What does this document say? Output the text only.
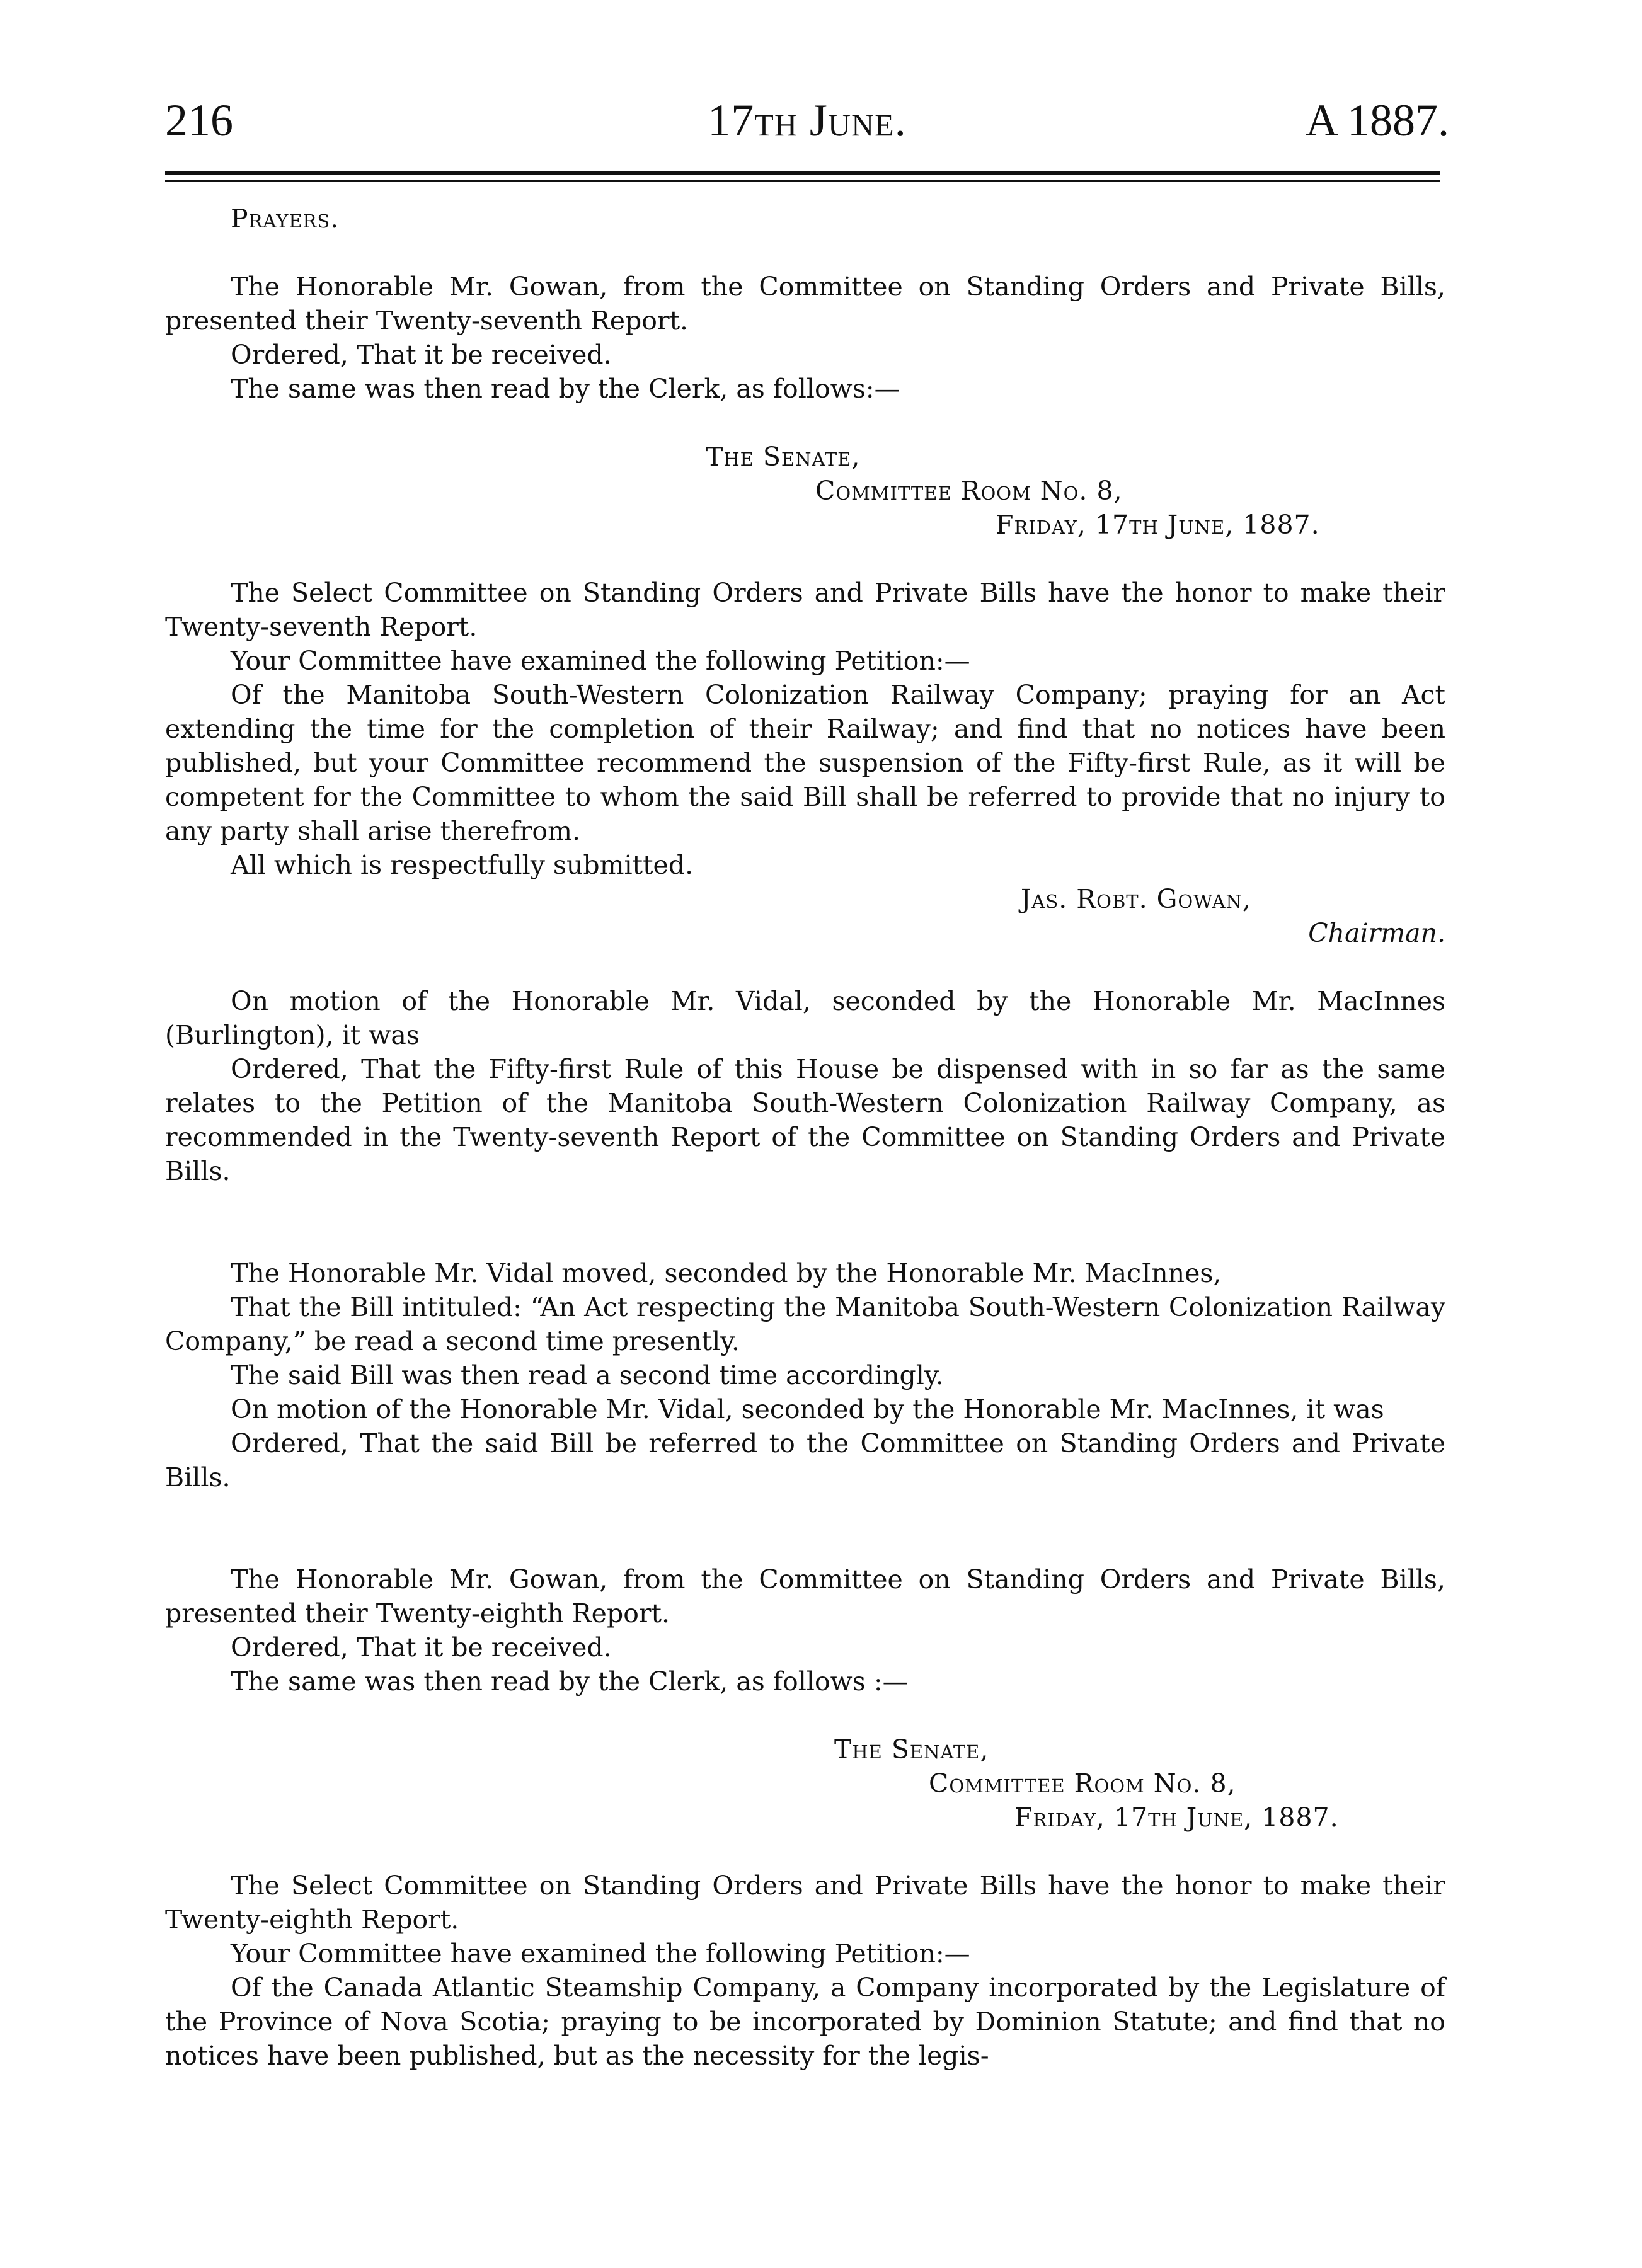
216	17th June.	A 1887.

Prayers.

The Honorable Mr. Gowan, from the Committee on Standing Orders and Private Bills, presented their Twenty-seventh Report.

Ordered, That it be received.

The same was then read by the Clerk, as follows:—

The Senate,
Committee Room No. 8,
Friday, 17th June, 1887.

The Select Committee on Standing Orders and Private Bills have the honor to make their Twenty-seventh Report.

Your Committee have examined the following Petition:—

Of the Manitoba South-Western Colonization Railway Company; praying for an Act extending the time for the completion of their Railway; and find that no notices have been published, but your Committee recommend the suspension of the Fifty-first Rule, as it will be competent for the Committee to whom the said Bill shall be referred to provide that no injury to any party shall arise therefrom.

All which is respectfully submitted.

Jas. Robt. Gowan,
Chairman.

On motion of the Honorable Mr. Vidal, seconded by the Honorable Mr. MacInnes (Burlington), it was

Ordered, That the Fifty-first Rule of this House be dispensed with in so far as the same relates to the Petition of the Manitoba South-Western Colonization Railway Company, as recommended in the Twenty-seventh Report of the Committee on Standing Orders and Private Bills.

The Honorable Mr. Vidal moved, seconded by the Honorable Mr. MacInnes,

That the Bill intituled: “An Act respecting the Manitoba South-Western Colonization Railway Company,” be read a second time presently.

The said Bill was then read a second time accordingly.

On motion of the Honorable Mr. Vidal, seconded by the Honorable Mr. MacInnes, it was

Ordered, That the said Bill be referred to the Committee on Standing Orders and Private Bills.

The Honorable Mr. Gowan, from the Committee on Standing Orders and Private Bills, presented their Twenty-eighth Report.

Ordered, That it be received.

The same was then read by the Clerk, as follows :—

The Senate,
Committee Room No. 8,
Friday, 17th June, 1887.

The Select Committee on Standing Orders and Private Bills have the honor to make their Twenty-eighth Report.

Your Committee have examined the following Petition:—

Of the Canada Atlantic Steamship Company, a Company incorporated by the Legislature of the Province of Nova Scotia; praying to be incorporated by Dominion Statute; and find that no notices have been published, but as the necessity for the legis-
